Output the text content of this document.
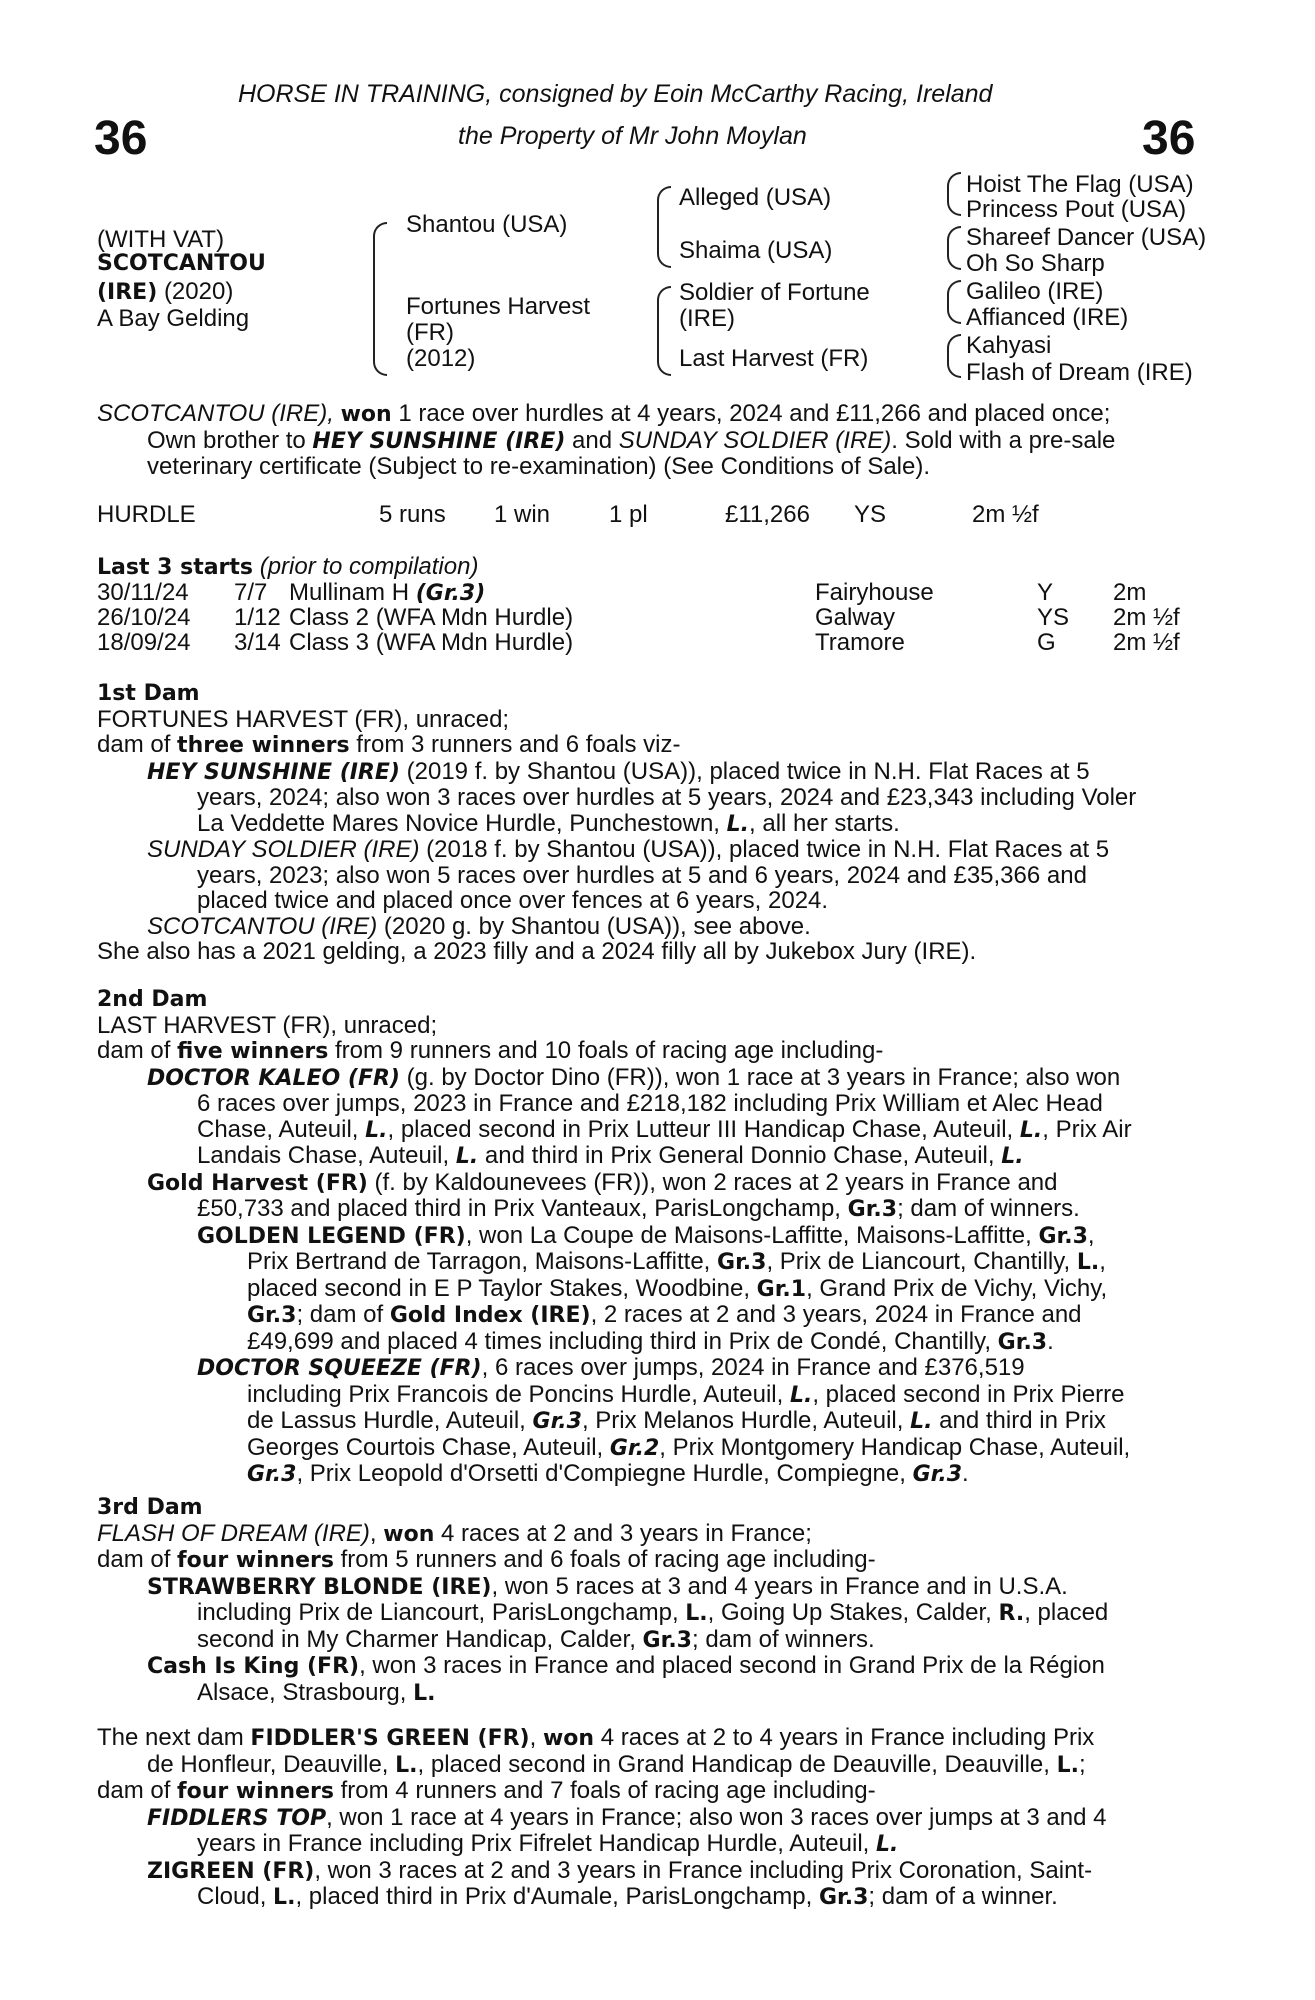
HORSE IN TRAINING, consigned by Eoin McCarthy Racing, Ireland
the Property of Mr John Moylan
36	36
(WITH VAT)
SCOTCANTOU
(IRE) (2020)
A Bay Gelding
Shantou (USA)
Fortunes Harvest
(FR)
(2012)
Alleged (USA)
Shaima (USA)
Soldier of Fortune
(IRE)
Last Harvest (FR)
Hoist The Flag (USA)
Princess Pout (USA)
Shareef Dancer (USA)
Oh So Sharp
Galileo (IRE)
Affianced (IRE)
Kahyasi
Flash of Dream (IRE)
SCOTCANTOU (IRE), won 1 race over hurdles at 4 years, 2024 and £11,266 and placed once;
Own brother to HEY SUNSHINE (IRE) and SUNDAY SOLDIER (IRE). Sold with a pre-sale
veterinary certificate (Subject to re-examination) (See Conditions of Sale).
HURDLE	5 runs 1 win 1 pl	£11,266 YS	2m ½f
Last 3 starts (prior to compilation)
30/11/24 7/7 Mullinam H (Gr.3)	Fairyhouse	Y 2m
26/10/24 1/12 Class 2 (WFA Mdn Hurdle)	Galway	YS 2m ½f
18/09/24 3/14 Class 3 (WFA Mdn Hurdle)	Tramore	G 2m ½f
1st Dam
FORTUNES HARVEST (FR), unraced;
dam of three winners from 3 runners and 6 foals viz-
HEY SUNSHINE (IRE) (2019 f. by Shantou (USA)), placed twice in N.H. Flat Races at 5
years, 2024; also won 3 races over hurdles at 5 years, 2024 and £23,343 including Voler
La Veddette Mares Novice Hurdle, Punchestown, L., all her starts.
SUNDAY SOLDIER (IRE) (2018 f. by Shantou (USA)), placed twice in N.H. Flat Races at 5
years, 2023; also won 5 races over hurdles at 5 and 6 years, 2024 and £35,366 and
placed twice and placed once over fences at 6 years, 2024.
SCOTCANTOU (IRE) (2020 g. by Shantou (USA)), see above.
She also has a 2021 gelding, a 2023 filly and a 2024 filly all by Jukebox Jury (IRE).
2nd Dam
LAST HARVEST (FR), unraced;
dam of five winners from 9 runners and 10 foals of racing age including-
DOCTOR KALEO (FR) (g. by Doctor Dino (FR)), won 1 race at 3 years in France; also won
6 races over jumps, 2023 in France and £218,182 including Prix William et Alec Head
Chase, Auteuil, L., placed second in Prix Lutteur III Handicap Chase, Auteuil, L., Prix Air
Landais Chase, Auteuil, L. and third in Prix General Donnio Chase, Auteuil, L.
Gold Harvest (FR) (f. by Kaldounevees (FR)), won 2 races at 2 years in France and
£50,733 and placed third in Prix Vanteaux, ParisLongchamp, Gr.3; dam of winners.
GOLDEN LEGEND (FR), won La Coupe de Maisons-Laffitte, Maisons-Laffitte, Gr.3,
Prix Bertrand de Tarragon, Maisons-Laffitte, Gr.3, Prix de Liancourt, Chantilly, L.,
placed second in E P Taylor Stakes, Woodbine, Gr.1, Grand Prix de Vichy, Vichy,
Gr.3; dam of Gold Index (IRE), 2 races at 2 and 3 years, 2024 in France and
£49,699 and placed 4 times including third in Prix de Condé, Chantilly, Gr.3.
DOCTOR SQUEEZE (FR), 6 races over jumps, 2024 in France and £376,519
including Prix Francois de Poncins Hurdle, Auteuil, L., placed second in Prix Pierre
de Lassus Hurdle, Auteuil, Gr.3, Prix Melanos Hurdle, Auteuil, L. and third in Prix
Georges Courtois Chase, Auteuil, Gr.2, Prix Montgomery Handicap Chase, Auteuil,
Gr.3, Prix Leopold d'Orsetti d'Compiegne Hurdle, Compiegne, Gr.3.
3rd Dam
FLASH OF DREAM (IRE), won 4 races at 2 and 3 years in France;
dam of four winners from 5 runners and 6 foals of racing age including-
STRAWBERRY BLONDE (IRE), won 5 races at 3 and 4 years in France and in U.S.A.
including Prix de Liancourt, ParisLongchamp, L., Going Up Stakes, Calder, R., placed
second in My Charmer Handicap, Calder, Gr.3; dam of winners.
Cash Is King (FR), won 3 races in France and placed second in Grand Prix de la Région
Alsace, Strasbourg, L.
The next dam FIDDLER'S GREEN (FR), won 4 races at 2 to 4 years in France including Prix
de Honfleur, Deauville, L., placed second in Grand Handicap de Deauville, Deauville, L.;
dam of four winners from 4 runners and 7 foals of racing age including-
FIDDLERS TOP, won 1 race at 4 years in France; also won 3 races over jumps at 3 and 4
years in France including Prix Fifrelet Handicap Hurdle, Auteuil, L.
ZIGREEN (FR), won 3 races at 2 and 3 years in France including Prix Coronation, Saint-
Cloud, L., placed third in Prix d'Aumale, ParisLongchamp, Gr.3; dam of a winner.
